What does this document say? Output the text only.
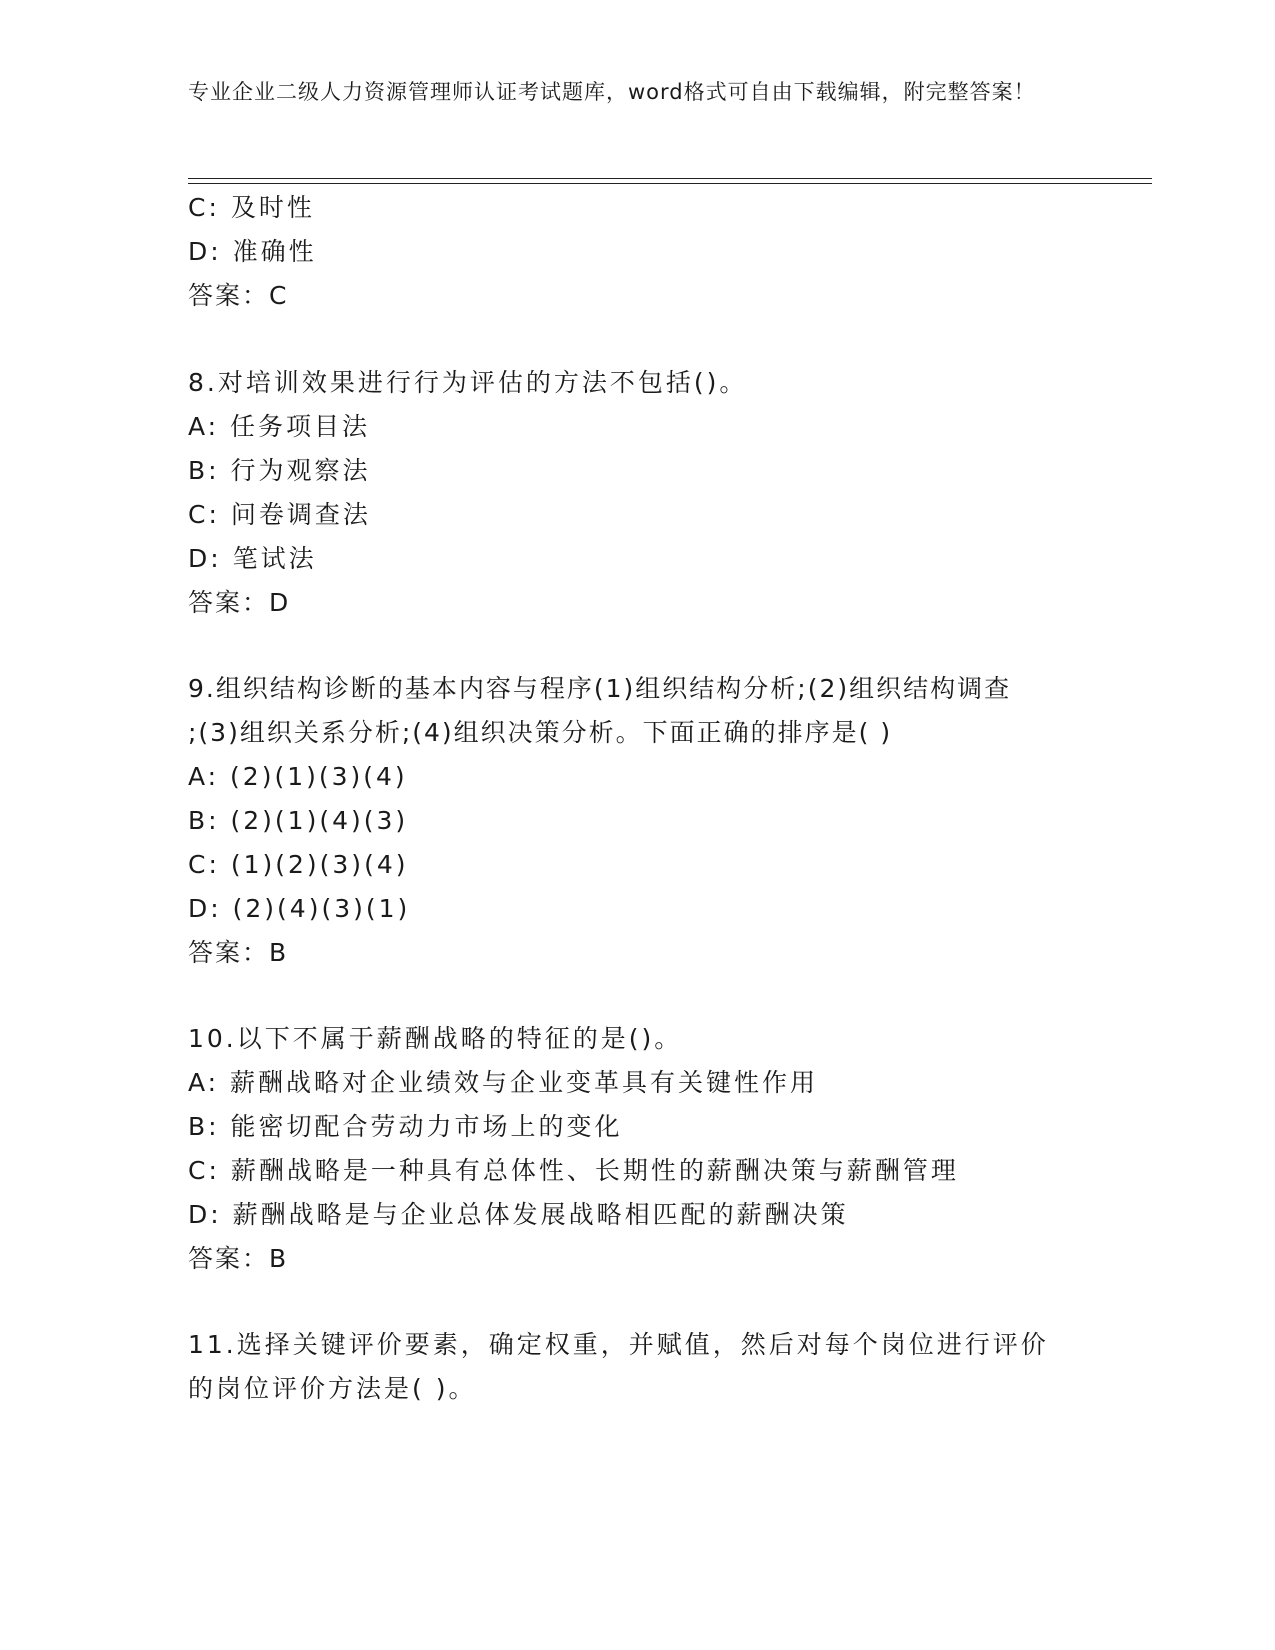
专业企业二级人力资源管理师认证考试题库，word格式可自由下载编辑，附完整答案！
C: 及时性
D: 准确性
答案：C
8.对培训效果进行行为评估的方法不包括()。
A: 任务项目法
B: 行为观察法
C: 问卷调查法
D: 笔试法
答案：D
9.组织结构诊断的基本内容与程序(1)组织结构分析;(2)组织结构调查
;(3)组织关系分析;(4)组织决策分析。下面正确的排序是( )
A: (2)(1)(3)(4)
B: (2)(1)(4)(3)
C: (1)(2)(3)(4)
D: (2)(4)(3)(1)
答案：B
10.以下不属于薪酬战略的特征的是()。
A: 薪酬战略对企业绩效与企业变革具有关键性作用
B: 能密切配合劳动力市场上的变化
C: 薪酬战略是一种具有总体性、长期性的薪酬决策与薪酬管理
D: 薪酬战略是与企业总体发展战略相匹配的薪酬决策
答案：B
11.选择关键评价要素，确定权重，并赋值，然后对每个岗位进行评价
的岗位评价方法是( )。
